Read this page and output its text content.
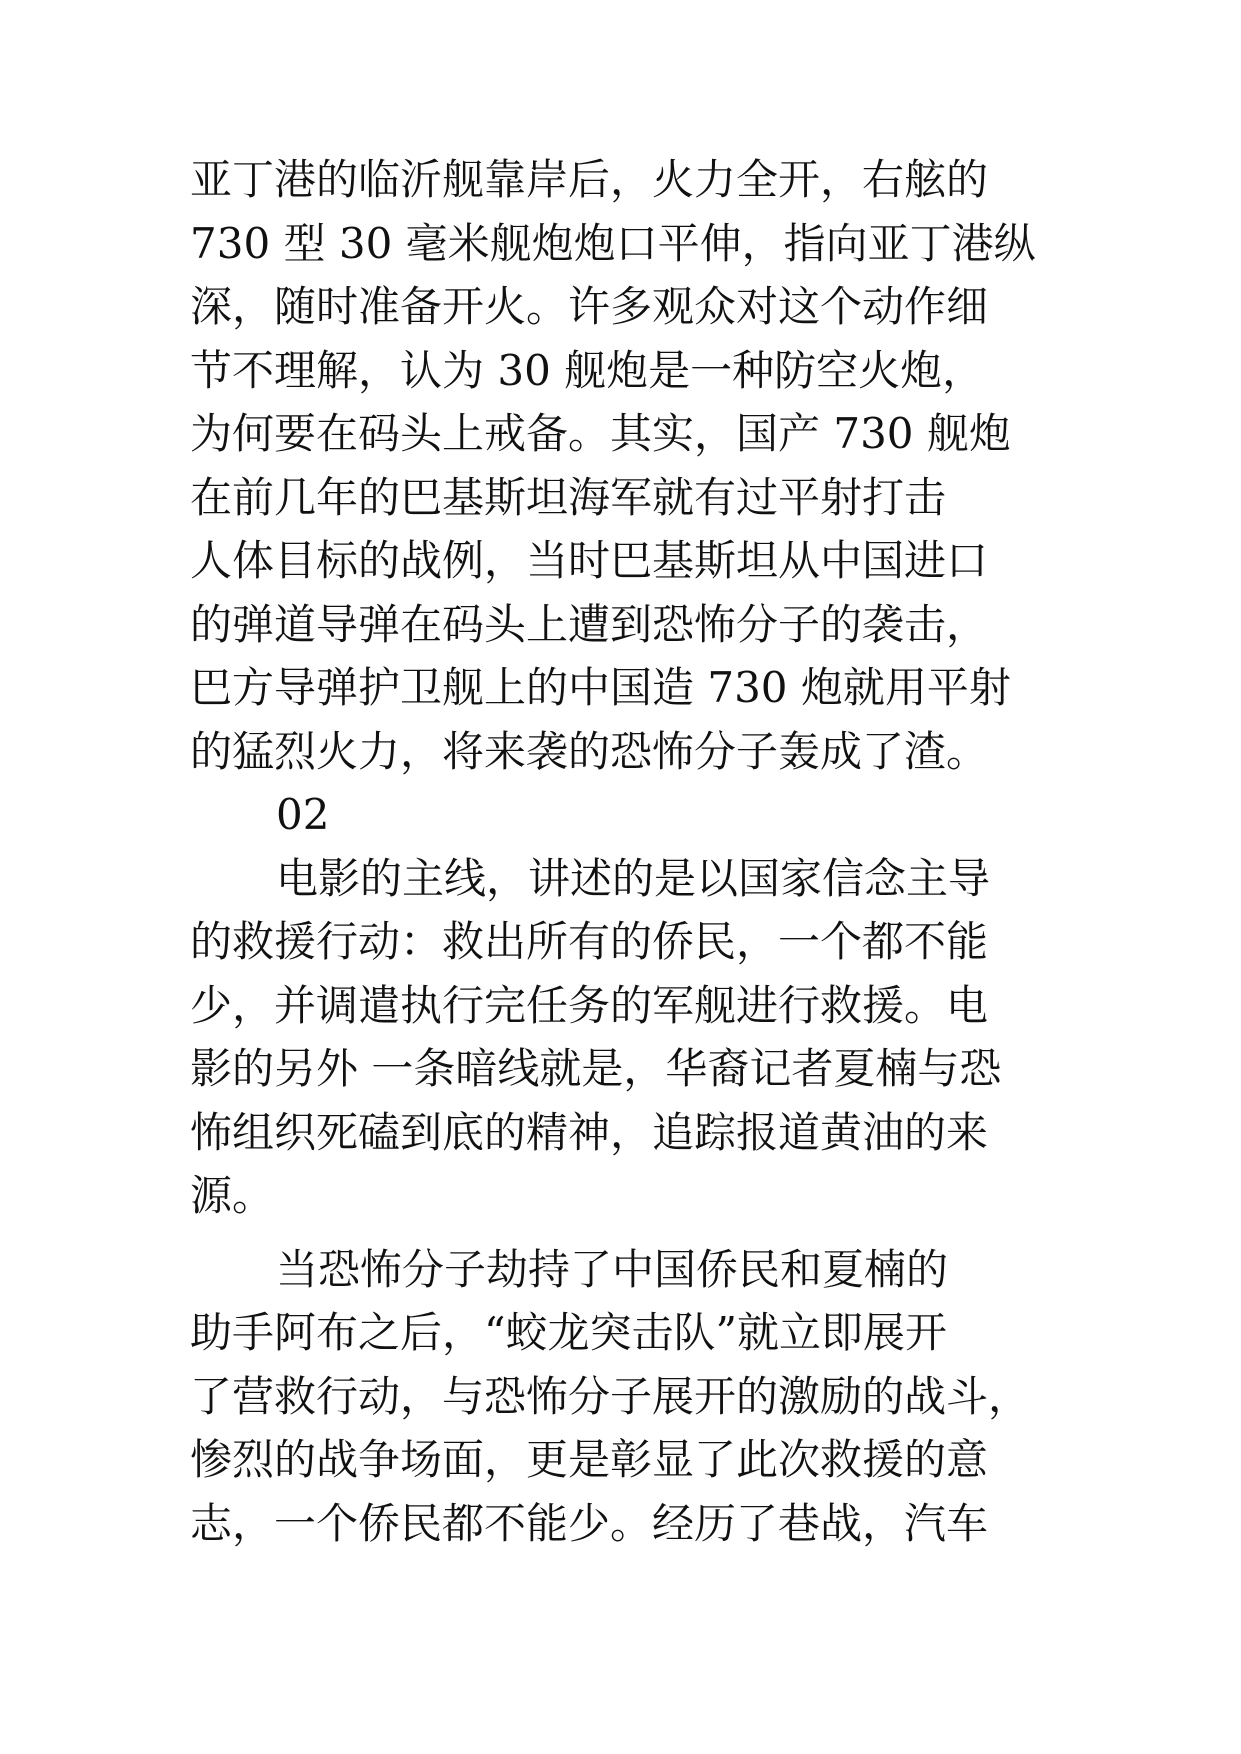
亚丁港的临沂舰靠岸后，火力全开，右舷的
730 型 30 毫米舰炮炮口平伸，指向亚丁港纵
深，随时准备开火。许多观众对这个动作细
节不理解，认为 30 舰炮是一种防空火炮，
为何要在码头上戒备。其实，国产 730 舰炮
在前几年的巴基斯坦海军就有过平射打击
人体目标的战例，当时巴基斯坦从中国进口
的弹道导弹在码头上遭到恐怖分子的袭击，
巴方导弹护卫舰上的中国造 730 炮就用平射
的猛烈火力，将来袭的恐怖分子轰成了渣。
02
电影的主线，讲述的是以国家信念主导
的救援行动：救出所有的侨民，一个都不能
少，并调遣执行完任务的军舰进行救援。电
影的另外 一条暗线就是，华裔记者夏楠与恐
怖组织死磕到底的精神，追踪报道黄油的来
源。
当恐怖分子劫持了中国侨民和夏楠的
助手阿布之后，“蛟龙突击队”就立即展开
了营救行动，与恐怖分子展开的激励的战斗，
惨烈的战争场面，更是彰显了此次救援的意
志，一个侨民都不能少。经历了巷战，汽车
